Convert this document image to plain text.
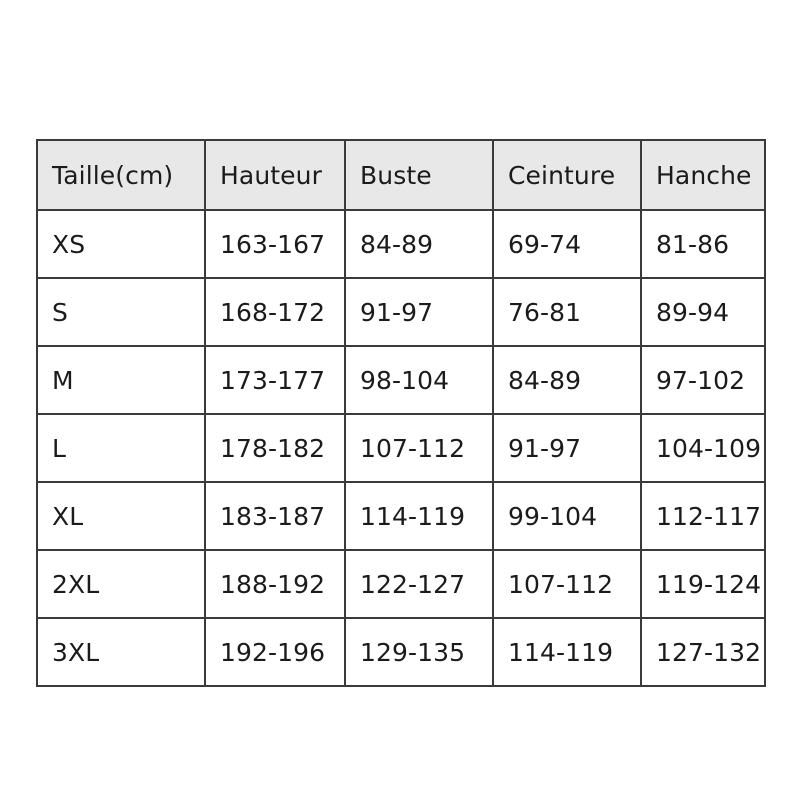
Taille(cm)	Hauteur	Buste	Ceinture	Hanche
XS	163-167	84-89	69-74	81-86
S	168-172	91-97	76-81	89-94
M	173-177	98-104	84-89	97-102
L	178-182	107-112	91-97	104-109
XL	183-187	114-119	99-104	112-117
2XL	188-192	122-127	107-112	119-124
3XL	192-196	129-135	114-119	127-132
